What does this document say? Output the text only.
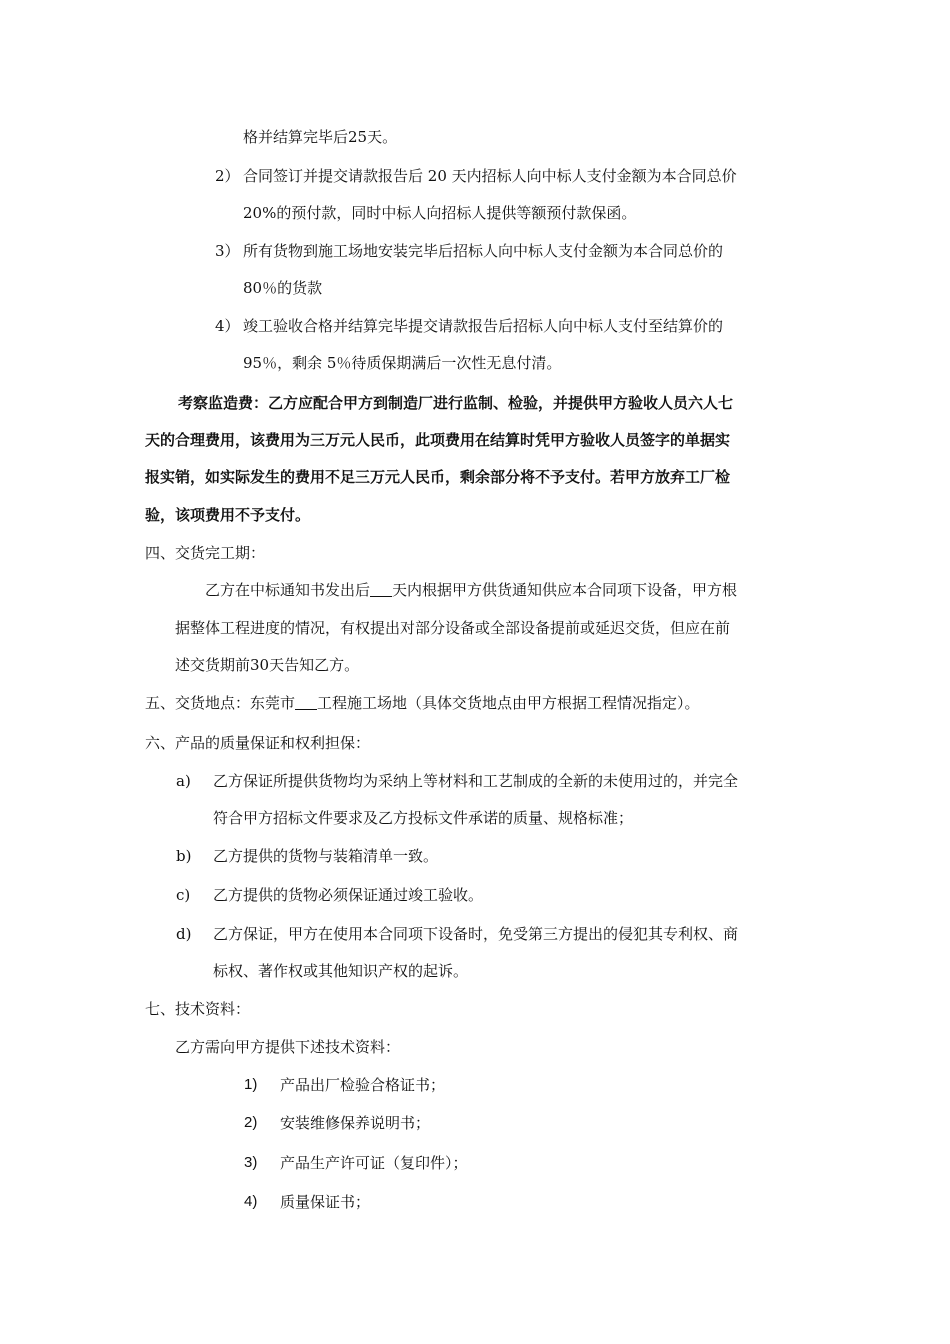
格并结算完毕后25天。
2） 合同签订并提交请款报告后 20 天内招标人向中标人支付金额为本合同总价
20%的预付款，同时中标人向招标人提供等额预付款保函。
3） 所有货物到施工场地安装完毕后招标人向中标人支付金额为本合同总价的
80％的货款
4） 竣工验收合格并结算完毕提交请款报告后招标人向中标人支付至结算价的
95％，剩余 5％待质保期满后一次性无息付清。
考察监造费：乙方应配合甲方到制造厂进行监制、检验，并提供甲方验收人员六人七
天的合理费用，该费用为三万元人民币，此项费用在结算时凭甲方验收人员签字的单据实
报实销，如实际发生的费用不足三万元人民币，剩余部分将不予支付。若甲方放弃工厂检
验，该项费用不予支付。
四、交货完工期：
乙方在中标通知书发出后 天内根据甲方供货通知供应本合同项下设备，甲方根
据整体工程进度的情况，有权提出对部分设备或全部设备提前或延迟交货，但应在前
述交货期前30天告知乙方。
五、交货地点：东莞市 工程施工场地（具体交货地点由甲方根据工程情况指定）。
六、产品的质量保证和权利担保：
a) 乙方保证所提供货物均为采纳上等材料和工艺制成的全新的未使用过的，并完全
符合甲方招标文件要求及乙方投标文件承诺的质量、规格标准；
b) 乙方提供的货物与装箱清单一致。
c) 乙方提供的货物必须保证通过竣工验收。
d) 乙方保证，甲方在使用本合同项下设备时，免受第三方提出的侵犯其专利权、商
标权、著作权或其他知识产权的起诉。
七、技术资料：
乙方需向甲方提供下述技术资料：
1) 产品出厂检验合格证书；
2) 安装维修保养说明书；
3) 产品生产许可证（复印件）；
4) 质量保证书；
